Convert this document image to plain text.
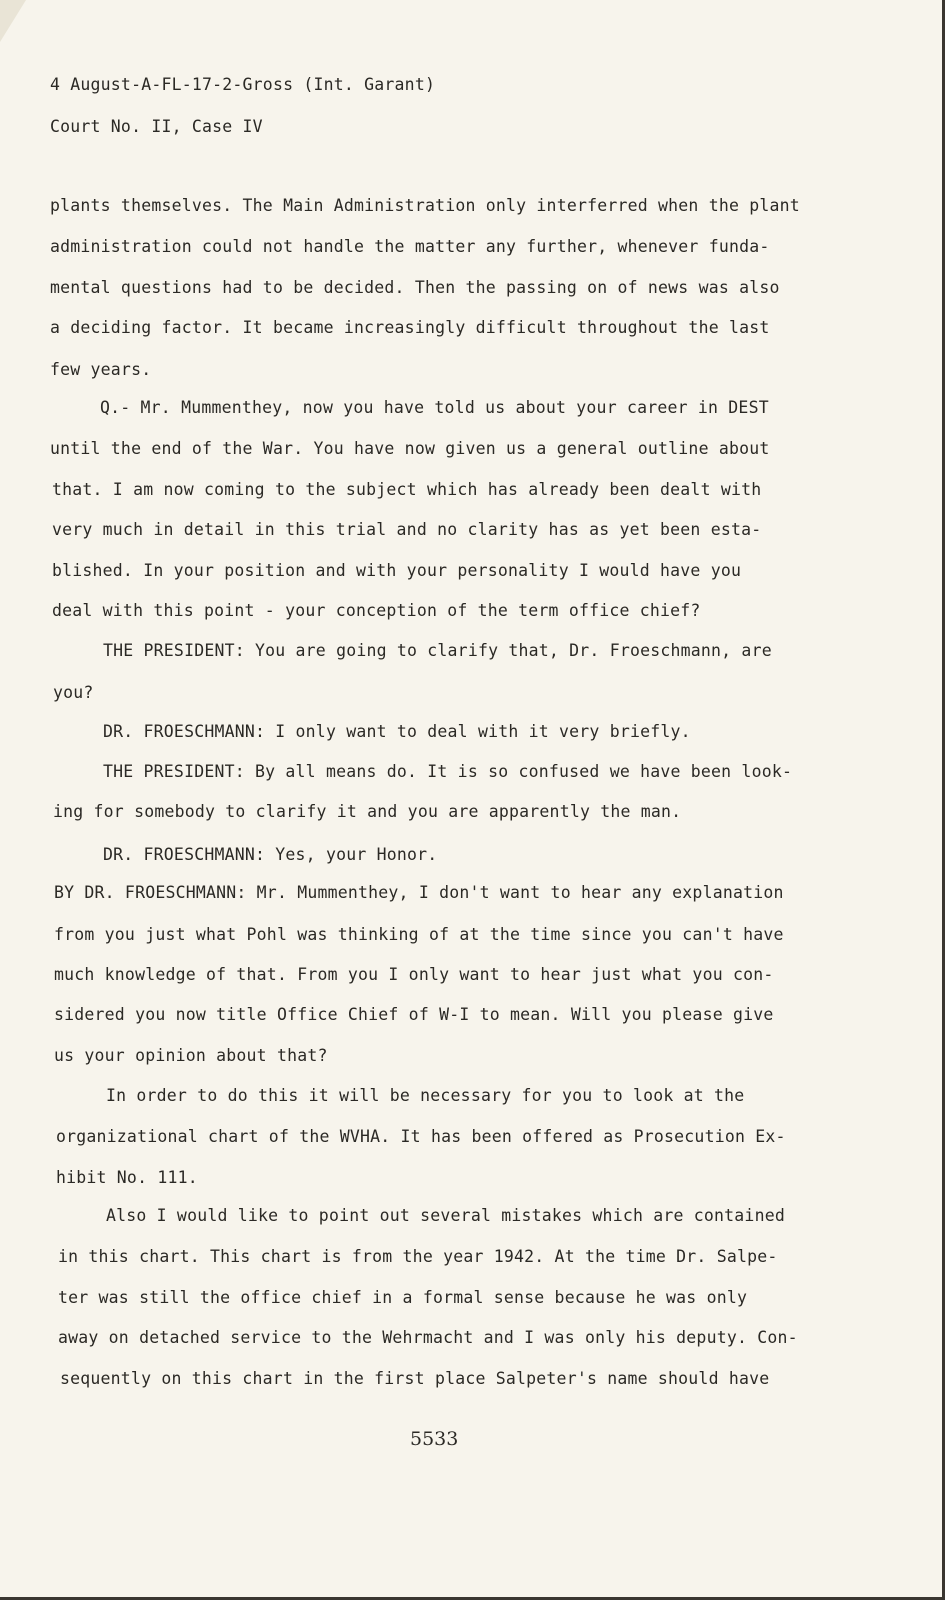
4 August-A-FL-17-2-Gross (Int. Garant)
Court No. II, Case IV
plants themselves. The Main Administration only interferred when the plant
administration could not handle the matter any further, whenever funda-
mental questions had to be decided. Then the passing on of news was also
a deciding factor. It became increasingly difficult throughout the last
few years.
Q.- Mr. Mummenthey, now you have told us about your career in DEST
until the end of the War. You have now given us a general outline about
that. I am now coming to the subject which has already been dealt with
very much in detail in this trial and no clarity has as yet been esta-
blished. In your position and with your personality I would have you
deal with this point - your conception of the term office chief?
THE PRESIDENT: You are going to clarify that, Dr. Froeschmann, are
you?
DR. FROESCHMANN: I only want to deal with it very briefly.
THE PRESIDENT: By all means do. It is so confused we have been look-
ing for somebody to clarify it and you are apparently the man.
DR. FROESCHMANN: Yes, your Honor.
BY DR. FROESCHMANN: Mr. Mummenthey, I don't want to hear any explanation
from you just what Pohl was thinking of at the time since you can't have
much knowledge of that. From you I only want to hear just what you con-
sidered you now title Office Chief of W-I to mean. Will you please give
us your opinion about that?
In order to do this it will be necessary for you to look at the
organizational chart of the WVHA. It has been offered as Prosecution Ex-
hibit No. 111.
Also I would like to point out several mistakes which are contained
in this chart. This chart is from the year 1942. At the time Dr. Salpe-
ter was still the office chief in a formal sense because he was only
away on detached service to the Wehrmacht and I was only his deputy. Con-
sequently on this chart in the first place Salpeter's name should have
5533
